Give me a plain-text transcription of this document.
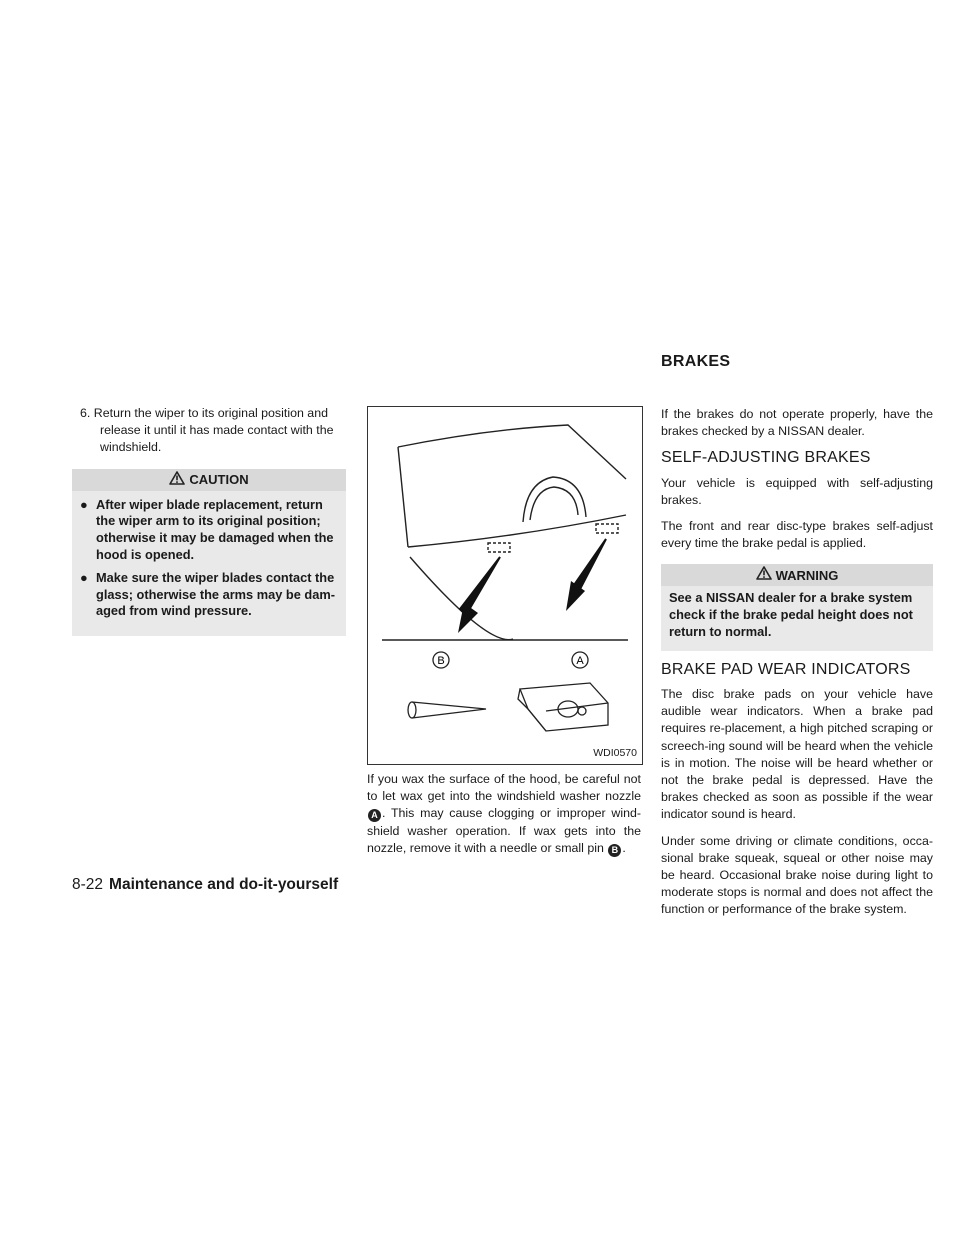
BRAKES
6. Return the wiper to its original position and release it until it has made contact with the windshield.
CAUTION
● After wiper blade replacement, return the wiper arm to its original position; otherwise it may be damaged when the hood is opened.
● Make sure the wiper blades contact the glass; otherwise the arms may be dam-aged from wind pressure.
B	A
WDI0570

If you wax the surface of the hood, be careful not to let wax get into the windshield washer nozzle A . This may cause clogging or improper wind-shield washer operation. If wax gets into the nozzle, remove it with a needle or small pin B .

If the brakes do not operate properly, have the brakes checked by a NISSAN dealer.

SELF-ADJUSTING BRAKES

Your vehicle is equipped with self-adjusting brakes.

The front and rear disc-type brakes self-adjust every time the brake pedal is applied.

WARNING
See a NISSAN dealer for a brake system check if the brake pedal height does not return to normal.
BRAKE PAD WEAR INDICATORS

The disc brake pads on your vehicle have audible wear indicators. When a brake pad requires re-placement, a high pitched scraping or screech-ing sound will be heard when the vehicle is in motion. The noise will be heard whether or not the brake pedal is depressed. Have the brakes checked as soon as possible if the wear indicator sound is heard.

Under some driving or climate conditions, occa-sional brake squeak, squeal or other noise may be heard. Occasional brake noise during light to moderate stops is normal and does not affect the function or performance of the brake system.

8-22 Maintenance and do-it-yourself
